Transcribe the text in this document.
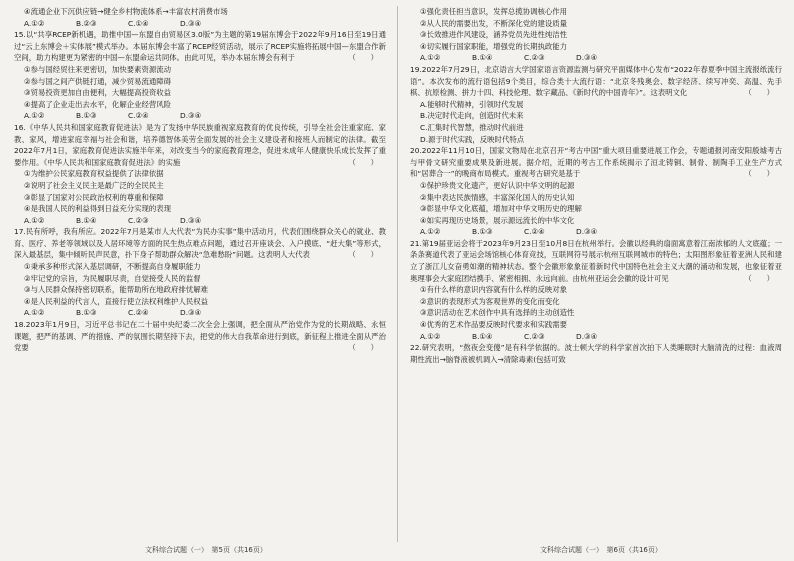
④流通企业下沉供应链→健全乡村物流体系→丰富农村消费市场

A.①②	B.②③	C.①④	D.③④

15.以“共享RCEP新机遇，助推中国—东盟自由贸易区3.0版”为主题的第19届东博会于2022年9月16日至19日通过“云上东博会＋实体展”模式举办。本届东博会丰富了RCEP经贸活动，展示了RCEP实施将拓展中国—东盟合作新空间，助力构建更为紧密的中国—东盟命运共同体。由此可见，举办本届东博会有利于	（　　）

①参与国经贸往来更密切，加快要素资源流动

②参与国之间产供链打通，减少贸易流通障碍

③贸易投资更加自由便利，大幅提高投资收益

④提高了企业走出去水平，化解企业经营风险

A.①②	B.①③	C.②④	D.③④

16.《中华人民共和国家庭教育促进法》是为了发扬中华民族重视家庭教育的优良传统，引导全社会注重家庭、家教、家风，增进家庭幸福与社会和谐，培养德智体美劳全面发展的社会主义建设者和接班人而制定的法律。截至2022年7月1日，家庭教育促进法实施半年来，对改变当今的家庭教育理念，促进未成年人健康快乐成长发挥了重要作用。《中华人民共和国家庭教育促进法》的实施	（　　）

①为维护公民家庭教育权益提供了法律依据

②说明了社会主义民主是最广泛的全民民主

③彰显了国家对公民政治权利的尊重和保障

④是我国人民的利益得到日益充分实现的表现

A.①②	B.①④	C.②③	D.③④

17.民有所呼，我有所应。2022年7月是某市人大代表“为民办实事”集中活动月，代表们围绕群众关心的就业、教育、医疗、养老等领域以及人居环境等方面的民生热点难点问题，通过召开座谈会、入户摸底、“赶大集”等形式，深入最基层，集中倾听民声民意，扑下身子帮助群众解决“急难愁盼”问题。这表明人大代表	（　　）

①秉承多种形式深入基层调研，不断提高自身履职能力

②牢记党的宗旨，为民履职尽责，自觉接受人民的监督

③与人民群众保持密切联系，能帮助所在地政府排忧解难

④是人民利益的代言人，直接行使立法权利维护人民权益

A.①②	B.①③	C.②④	D.③④

18.2023年1月9日，习近平总书记在二十届中央纪委二次全会上强调，把全面从严治党作为党的长期战略、永恒课题，把严的基调、严的措施、严的氛围长期坚持下去，把党的伟大自我革命进行到底，新征程上推进全面从严治党要	（　　）

①强化责任担当意识，发挥总揽协调核心作用

②从人民的需要出发，不断深化党的建设质量

③长效推进作风建设，涵养党员先进性纯洁性

④切实履行国家职能，增强党的长期执政能力

A.①②	B.①④	C.②③	D.③④

19.2022年7月29日，北京语言大学国家语言资源监测与研究平面媒体中心发布“2022年春夏季中国主流报纸流行语”。本次发布的流行语包括9个类目，综合类十大流行语：“北京冬残奥会、数字经济、续写冲奕、高温、先手棋、抗原检测、拼力十四、科技伦理、数字藏品、《新时代的中国青年》”。这表明文化	（　　）

A.能够时代精神，引领时代发展

B.决定时代走向，创造时代未来

C.汇集时代智慧，推动时代前进

D.源于时代实践，反映时代特点

20.2022年11月10日，国家文物局在北京召开“考古中国”重大项目重要进展工作会，专题通报河南安阳殷墟考古与甲骨文研究重要成果及新进展。据介绍，近期的考古工作系统揭示了洹北铸铜、制骨、制陶手工业生产方式和“居葬合一”的晚商布局模式。重视考古研究是基于	（　　）

①保护珍贵文化遗产，更好认识中华文明的起源

②集中表达民族情感，丰富深化国人的历史认知

③彰显中华文化底蕴，增加对中华文明历史的理解

④如实再现历史场景，展示源远流长的中华文化

A.①②	B.①③	C.②④	D.③④

21.第19届亚运会将于2023年9月23日至10月8日在杭州举行。会徽以经典的扇面寓意着江南浓郁的人文底蕴；一条条赛道代表了亚运会场馆核心体育竞技，互联网符号展示杭州互联网城市的特色；太阳图形象征着亚洲人民和建立了浙江儿女奋勇如潮的精神状态。整个会徽形象象征着新时代中国特色社会主义大潮的涌动和发展，也象征着亚奥理事会大家庭团结携手、紧密相拥、永远向前。由杭州亚运会会徽的设计可见	（　　）

①有什么样的意识内容就有什么样的反映对象

②意识的表现形式为客观世界的变化而变化

③意识活动在艺术创作中具有选择的主动创造性

④优秀的艺术作品要反映时代要求和实践需要

A.①②	B.①④	C.②③	D.③④

22.研究表明，“熬夜会变傻”是有科学依据的。波士顿大学的科学家首次拍下人类睡眠时大脑清洗的过程：血液周期性流出→脑脊液被机调入→清除毒素(包括可致

文科综合试题（一）　第5页（共16页）	文科综合试题（一）　第6页（共16页）
